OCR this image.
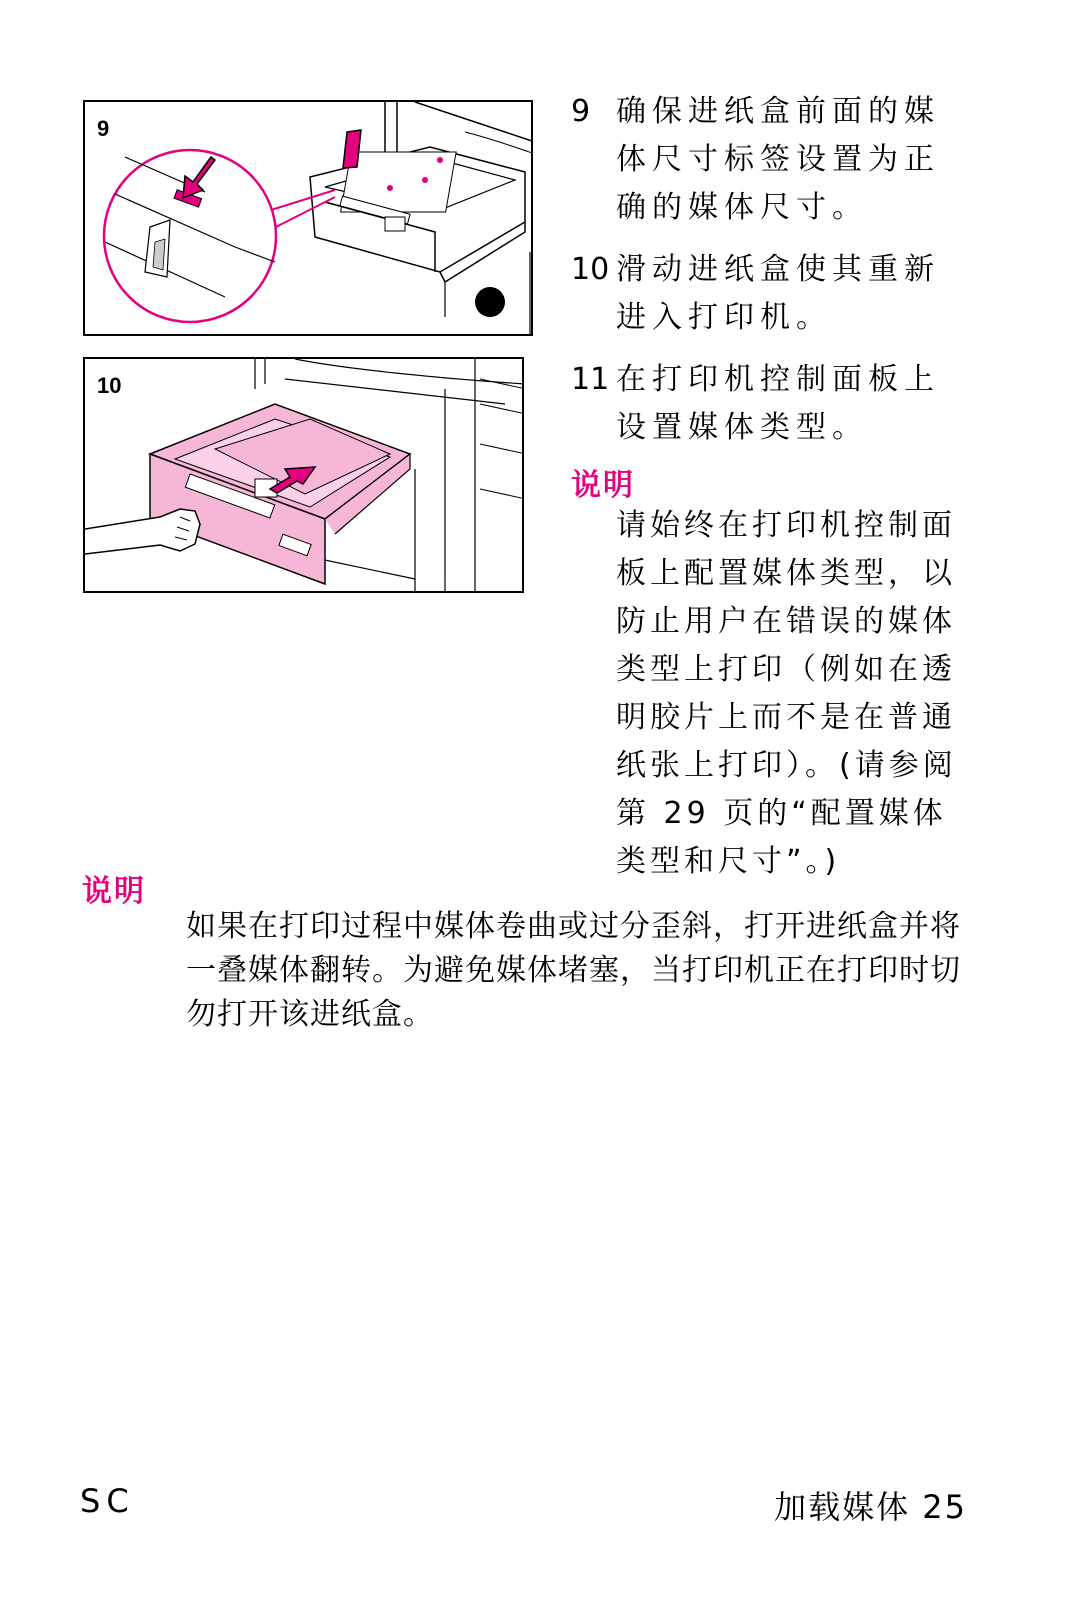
9
10
9 确保进纸盒前面的媒体尺寸标签设置为正确的媒体尺寸。
10 滑动进纸盒使其重新进入打印机。
11 在打印机控制面板上设置媒体类型。
说明
请始终在打印机控制面板上配置媒体类型，以防止用户在错误的媒体类型上打印（例如在透明胶片上而不是在普通纸张上打印）。(请参阅第 29 页的“配置媒体类型和尺寸”。)
说明
如果在打印过程中媒体卷曲或过分歪斜，打开进纸盒并将一叠媒体翻转。为避免媒体堵塞，当打印机正在打印时切勿打开该进纸盒。
SC	加载媒体 25
